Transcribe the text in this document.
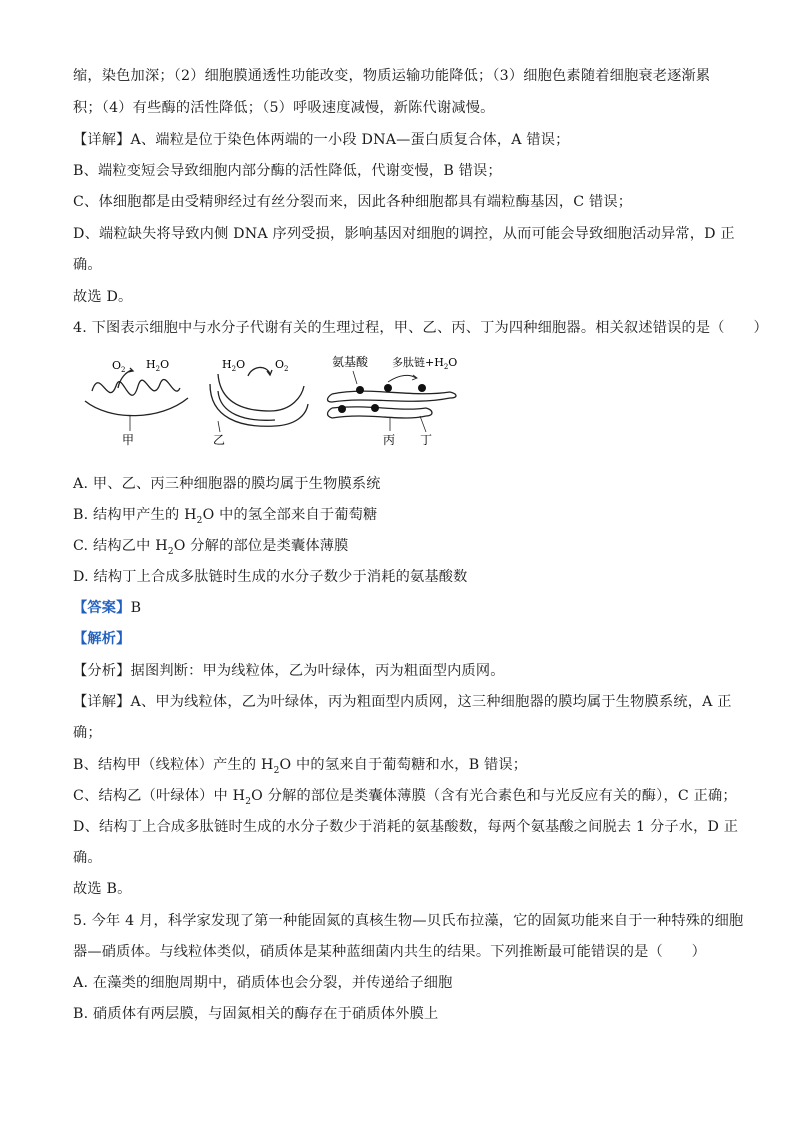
缩，染色加深；（2）细胞膜通透性功能改变，物质运输功能降低；（3）细胞色素随着细胞衰老逐渐累
积；（4）有些酶的活性降低；（5）呼吸速度减慢，新陈代谢减慢。
【详解】A、端粒是位于染色体两端的一小段 DNA—蛋白质复合体，A 错误；
B、端粒变短会导致细胞内部分酶的活性降低，代谢变慢，B 错误；
C、体细胞都是由受精卵经过有丝分裂而来，因此各种细胞都具有端粒酶基因，C 错误；
D、端粒缺失将导致内侧 DNA 序列受损，影响基因对细胞的调控，从而可能会导致细胞活动异常，D 正
确。
故选 D。
4. 下图表示细胞中与水分子代谢有关的生理过程，甲、乙、丙、丁为四种细胞器。相关叙述错误的是（　　）
$O_2$ $H_2O$
甲
$H_2O$	$O_2$
乙
氨基酸 多肽链$+H_2O$
丙 丁
A. 甲、乙、丙三种细胞器的膜均属于生物膜系统
B. 结构甲产生的 $H_2O$ 中的氢全部来自于葡萄糖
C. 结构乙中 $H_2O$ 分解的部位是类囊体薄膜
D. 结构丁上合成多肽链时生成的水分子数少于消耗的氨基酸数
【答案】B
【解析】
【分析】据图判断：甲为线粒体，乙为叶绿体，丙为粗面型内质网。
【详解】A、甲为线粒体，乙为叶绿体，丙为粗面型内质网，这三种细胞器的膜均属于生物膜系统，A 正
确；
B、结构甲（线粒体）产生的 $H_2O$ 中的氢来自于葡萄糖和水，B 错误；
C、结构乙（叶绿体）中 $H_2O$ 分解的部位是类囊体薄膜（含有光合素色和与光反应有关的酶），C 正确；
D、结构丁上合成多肽链时生成的水分子数少于消耗的氨基酸数，每两个氨基酸之间脱去 1 分子水，D 正
确。
故选 B。
5. 今年 4 月，科学家发现了第一种能固氮的真核生物—贝氏布拉藻，它的固氮功能来自于一种特殊的细胞
器—硝质体。与线粒体类似，硝质体是某种蓝细菌内共生的结果。下列推断最可能错误的是（　　）
A. 在藻类的细胞周期中，硝质体也会分裂，并传递给子细胞
B. 硝质体有两层膜，与固氮相关的酶存在于硝质体外膜上
